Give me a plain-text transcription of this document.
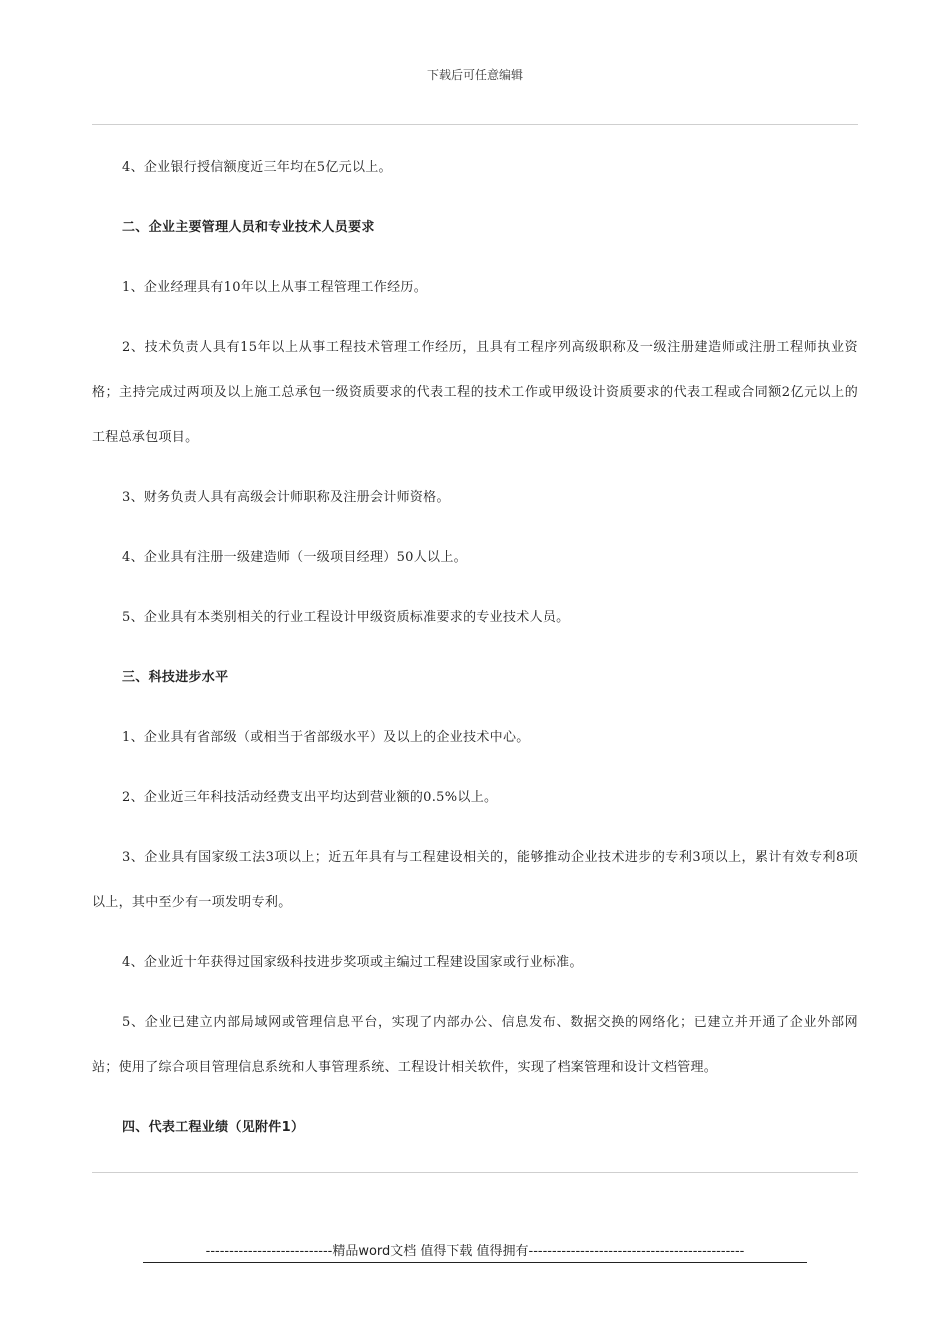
下载后可任意编辑

4、企业银行授信额度近三年均在5亿元以上。

二、企业主要管理人员和专业技术人员要求

1、企业经理具有10年以上从事工程管理工作经历。

2、技术负责人具有15年以上从事工程技术管理工作经历，且具有工程序列高级职称及一级注册建造师或注册工程师执业资格；主持完成过两项及以上施工总承包一级资质要求的代表工程的技术工作或甲级设计资质要求的代表工程或合同额2亿元以上的工程总承包项目。

3、财务负责人具有高级会计师职称及注册会计师资格。

4、企业具有注册一级建造师（一级项目经理）50人以上。

5、企业具有本类别相关的行业工程设计甲级资质标准要求的专业技术人员。

三、科技进步水平

1、企业具有省部级（或相当于省部级水平）及以上的企业技术中心。

2、企业近三年科技活动经费支出平均达到营业额的0.5%以上。

3、企业具有国家级工法3项以上；近五年具有与工程建设相关的，能够推动企业技术进步的专利3项以上，累计有效专利8项以上，其中至少有一项发明专利。

4、企业近十年获得过国家级科技进步奖项或主编过工程建设国家或行业标准。

5、企业已建立内部局域网或管理信息平台，实现了内部办公、信息发布、数据交换的网络化；已建立并开通了企业外部网站；使用了综合项目管理信息系统和人事管理系统、工程设计相关软件，实现了档案管理和设计文档管理。

四、代表工程业绩（见附件1）

---------------------------精品word文档 值得下载 值得拥有----------------------------------------------
